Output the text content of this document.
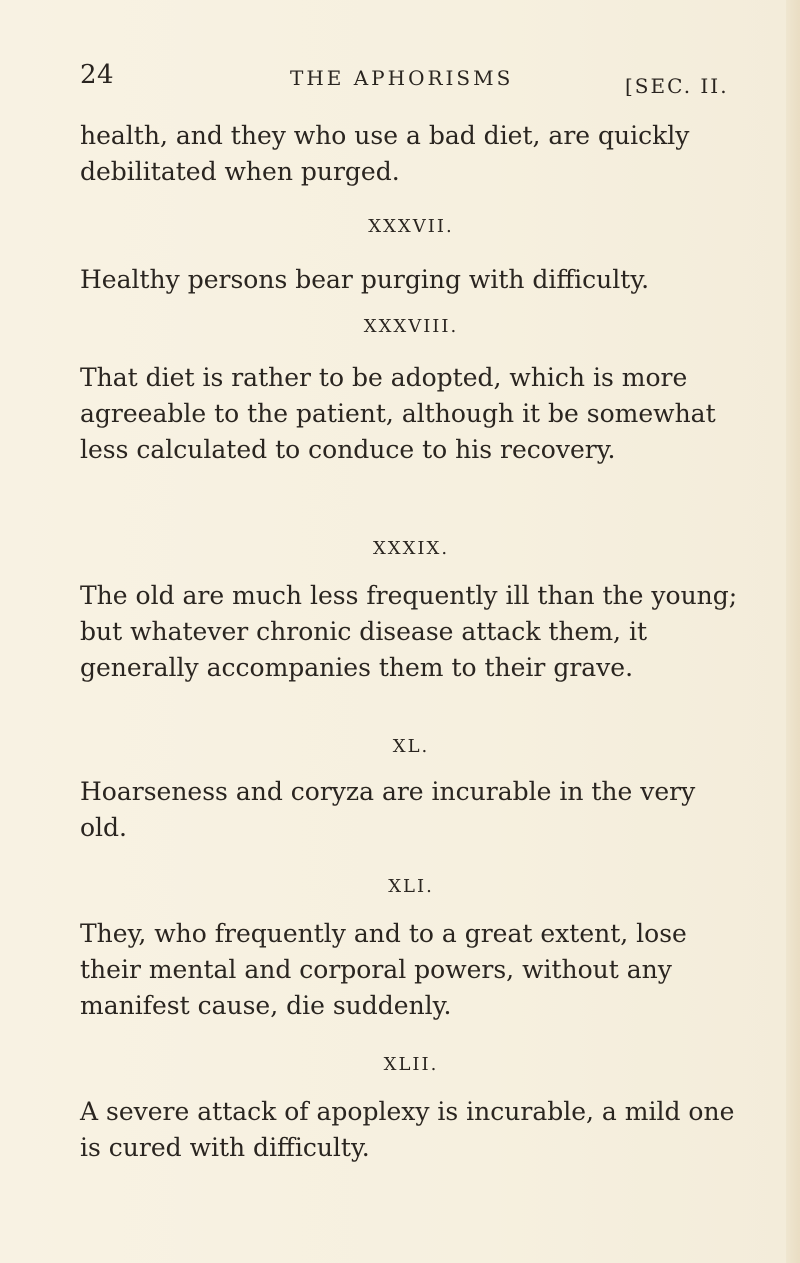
24	THE APHORISMS	[SEC. II.

health, and they who use a bad diet, are quickly debilitated when purged.

XXXVII.

Healthy persons bear purging with difficulty.

XXXVIII.

That diet is rather to be adopted, which is more agreeable to the patient, although it be somewhat less calculated to conduce to his recovery.

XXXIX.

The old are much less frequently ill than the young; but whatever chronic disease attack them, it generally accompanies them to their grave.

XL.

Hoarseness and coryza are incurable in the very old.

XLI.

They, who frequently and to a great extent, lose their mental and corporal powers, without any manifest cause, die suddenly.

XLII.

A severe attack of apoplexy is incurable, a mild one is cured with difficulty.
